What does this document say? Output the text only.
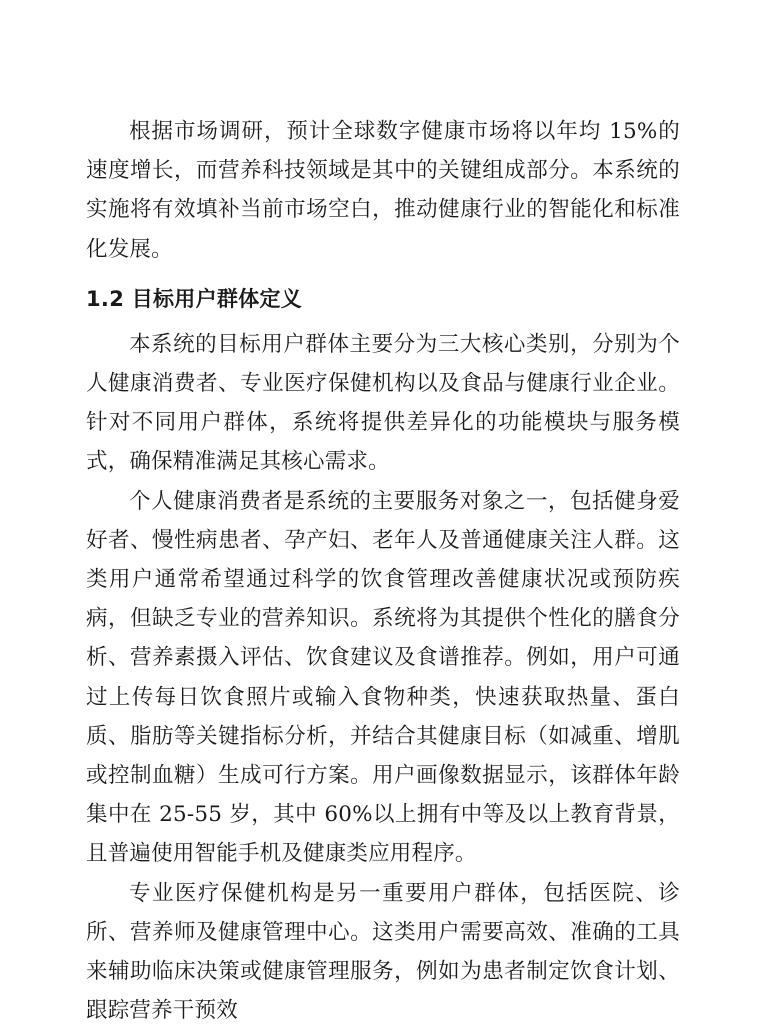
根据市场调研，预计全球数字健康市场将以年均 15%的速度增长，而营养科技领域是其中的关键组成部分。本系统的实施将有效填补当前市场空白，推动健康行业的智能化和标准化发展。

1.2 目标用户群体定义

本系统的目标用户群体主要分为三大核心类别，分别为个人健康消费者、专业医疗保健机构以及食品与健康行业企业。针对不同用户群体，系统将提供差异化的功能模块与服务模式，确保精准满足其核心需求。

个人健康消费者是系统的主要服务对象之一，包括健身爱好者、慢性病患者、孕产妇、老年人及普通健康关注人群。这类用户通常希望通过科学的饮食管理改善健康状况或预防疾病，但缺乏专业的营养知识。系统将为其提供个性化的膳食分析、营养素摄入评估、饮食建议及食谱推荐。例如，用户可通过上传每日饮食照片或输入食物种类，快速获取热量、蛋白质、脂肪等关键指标分析，并结合其健康目标（如减重、增肌或控制血糖）生成可行方案。用户画像数据显示，该群体年龄集中在 25-55 岁，其中 60%以上拥有中等及以上教育背景，且普遍使用智能手机及健康类应用程序。

专业医疗保健机构是另一重要用户群体，包括医院、诊所、营养师及健康管理中心。这类用户需要高效、准确的工具来辅助临床决策或健康管理服务，例如为患者制定饮食计划、跟踪营养干预效
